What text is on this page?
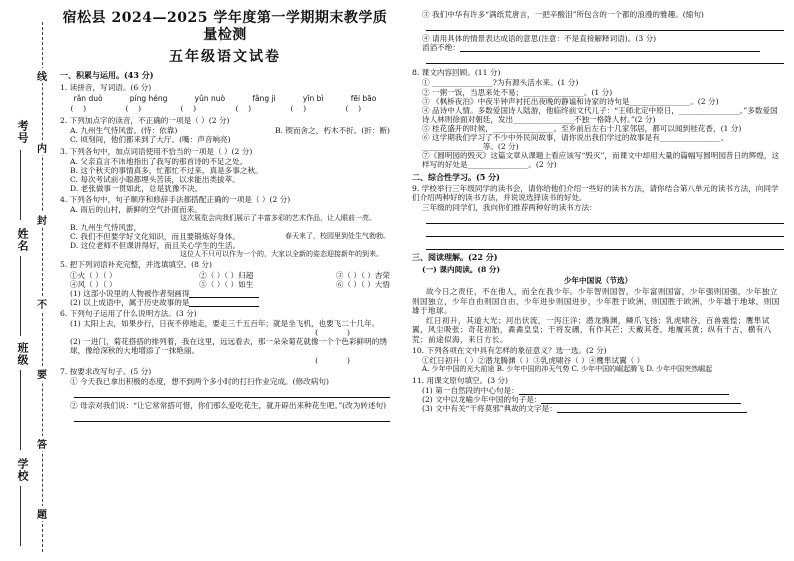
考号
姓名
班级
学校
线
内
封
不
要
答
题
宿松县 2024—2025 学年度第一学期期末教学质量检测
五年级语文试卷
一、积累与运用。(43 分)
1. 读拼音，写词语。(6 分)
rǎn duò	píng héng	yǔn nuò	fǎng jì	yǐn bì	fēi bāo
(    )	(    )	(    )	(    )	(    )	(    )
2. 下列加点字的读音，不正确的一项是（ ）(2 分)
A. 九州生气恃风雷。(恃：依靠)	B. 锲而舍之，朽木不折。(折：断)
C. 顷刻间，他们都来到了大厅。(嘴：声音响亮)
3. 下列各句中，加点词语使用不恰当的一项是（ ）(2 分)
A. 父亲直言不讳地指出了我写的那首诗的不足之处。
B. 这个秋天的事情真多，忙都忙不过来，真是多事之秋。
C. 每次考试前小聪都埋头苦读，以求能出类拔萃。
D. 老张做事一贯如此，总是犹豫不决。
4. 下列各句中，句子顺序和修辞手法都搭配正确的一项是（ ）(2 分)
A. 雨后的山村，新鲜的空气扑面而来。
这次展览会向我们展示了丰富多彩的艺术作品，让人眼前一亮。
B. 九州生气恃风雷，
C. 我们不但要学好文化知识，而且要锻炼好身体。	春天来了，校园里到处生气勃勃。
D. 这位老师不但课讲得好，而且关心学生的生活。
这位人不只可以作为一个的，大家以全新的姿态迎接新年的到来。
5. 把下列词语补充完整，并选填填空。(8 分)
①火（ ）（ ）	②（ ）（ ）归超	③（ ）（ ）杏荣
④风（ ）（ ）	⑤（ ）（ ）如生	⑥（ ）（ ）大悟
(1) 这部小说里的人物被作者刻画得
(2) 以上成语中，属于历史故事的是
6. 下列句子运用了什么说明方法。(3 分)
(1) 太阳上去，如果步行，日夜不停地走，要走三千五百年；就是坐飞机，也要飞二十几年。
(            )
(2) 一进门，菊花搭搭的排列着，我在这里，远远看去，那一朵朵菊花就像一个个色彩鲜明的绣球，像给深秋的大地增添了一抹艳丽。
(            )
7. 按要求改写句子。(5 分)
① 今天我已拿出积极的态度，想不到两个多小时的打扫作业完成。(修改病句)
② 母亲对我们说：“让它常常搭可惜，你们那么爱吃花生，就开辟出来种花生吧。”(改为转述句)
③ 我们中华有许多“满纸荒唐言，一把辛酸泪”所包含的一个都的浪漫的雅趣。(缩句)
④ 请用具体的情景表达成语的意思(注意：不是直接解释词语)。(3 分)
滔滔不绝：
8. 课文内容回顾。(11 分)
① ________________?为有源头活水来。(1 分)
② 一粥一饭，当思来处不易；________________。(1 分)
③ 《枫桥夜泊》中夜半钟声衬托出夜晚的静谧和诗家的诗句是________________。(2 分)
④ 品诗中人情。多数爱国诗人陆游，他临终前文代儿子：“王师北定中原日，________________。”多数爱国诗人林则徐面对朝廷，发出________________不独一格降人材。”(2 分)
⑤ 桂花盛开的时候，________________。至乡前后左右十几家邻居，都可以闻到桂花香，(1 分)
⑥ 这学期我们学习了不少中外民间故事，请你说出我们学过的故事是有________________、________________等。(2 分)
⑦《圆明园的毁灭》这篇文章从课题上看应该写“毁灭”，而课文中却用大量的篇幅写圆明园昔日的辉煌，这样写的好处是________________。(2 分)
二、综合性学习。(5 分)
9. 学校举行三年级同学的读书会，请你给他们介绍一些好的读书方法，请你结合第八单元的读书方法，向同学们介绍两种好的读书方法，并说说选择读书的好处。
三年级的同学们，我向你们推荐两种好的读书方法：
三、阅读理解。(22 分)
(一) 课内阅读。(8 分)
少年中国说（节选）
故今日之责任，不在他人，而全在我少年。少年智则国智，少年富则国富，少年强则国强，少年独立则国独立，少年自由则国自由，少年进步则国进步，少年胜于欧洲，则国胜于欧洲，少年雄于地球，则国雄于地球。
红日初升，其道大光；河出伏流，一泻汪洋；潜龙腾渊，鳞爪飞扬；乳虎啸谷，百兽震惶；鹰隼试翼，风尘吸张；奇花初胎，矞矞皇皇；干将发硎，有作其芒；天戴其苍，地履其黄；纵有千古，横有八荒；前途似海，来日方长。
10. 下列各项在文中具有怎样的象征意义？选一选。(2 分)
①红日初升（ ）②潜龙腾渊（ ）③乳虎啸谷（ ）④鹰隼试翼（ ）
A. 少年中国的光大前途 B. 少年中国的冲天气势 C. 少年中国的崛起腾飞 D. 少年中国突然崛起
11. 用课文原句填空。(3 分)
(1) 第一自然段的中心句是：
(2) 文中以龙喻少年中国的句子是：
(3) 文中有关“干将莫邪”典故的文字是：
